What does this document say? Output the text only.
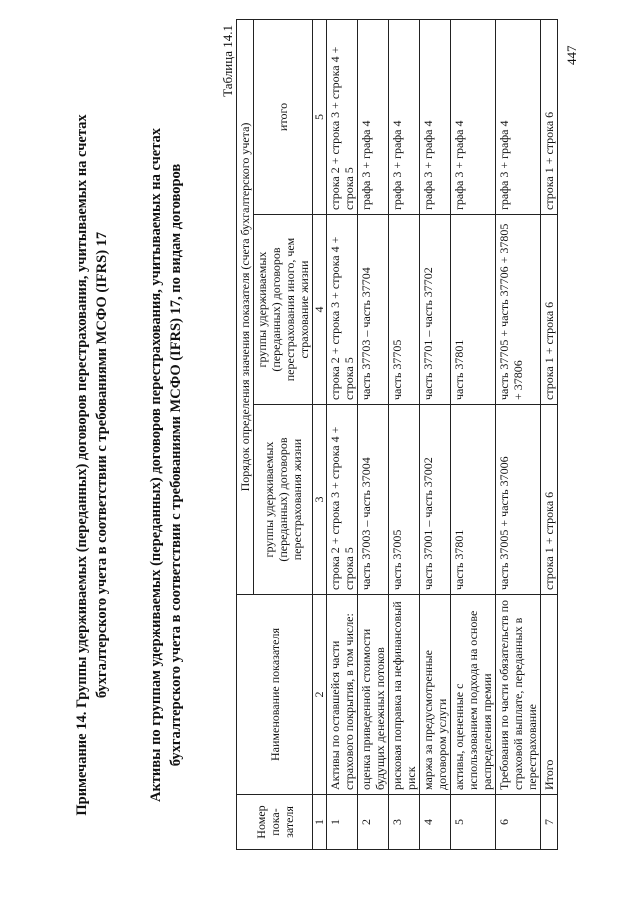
Примечание 14. Группы удерживаемых (переданных) договоров перестрахования, учитываемых на счетах бухгалтерского учета в соответствии с требованиями МСФО (IFRS) 17	Активы по группам удерживаемых (переданных) договоров перестрахования, учитываемых на счетах бухгалтерского учета в соответствии с требованиями МСФО (IFRS) 17, по видам договоров
Таблица 14.1
Номер пока-зателя	Наименование показателя	Порядок определения значения показателя (счета бухгалтерского учета)		
		группы удерживаемых (переданных) договоров перестрахования жизни	группы удерживаемых (переданных) договоров перестрахования иного, чем страхование жизни	итого
1	2	3	4	5
1	Активы по оставшейся части страхового покрытия, в том числе:	строка 2 + строка 3 + строка 4 + строка 5	строка 2 + строка 3 + строка 4 + строка 5	строка 2 + строка 3 + строка 4 + строка 5
2	оценка приведенной стоимости будущих денежных потоков	часть 37003 – часть 37004	часть 37703 – часть 37704	графа 3 + графа 4
3	рисковая поправка на нефинансовый риск	часть 37005	часть 37705	графа 3 + графа 4
4	маржа за предусмотренные договором услуги	часть 37001 – часть 37002	часть 37701 – часть 37702	графа 3 + графа 4
5	активы, оцененные с использованием подхода на основе распределения премии	часть 37801	часть 37801	графа 3 + графа 4
6	Требования по части обязательств по страховой выплате, переданных в перестрахование	часть 37005 + часть 37006	часть 37705 + часть 37706 + 37805 + 37806	графа 3 + графа 4
7	Итого	строка 1 + строка 6	строка 1 + строка 6	строка 1 + строка 6
447
